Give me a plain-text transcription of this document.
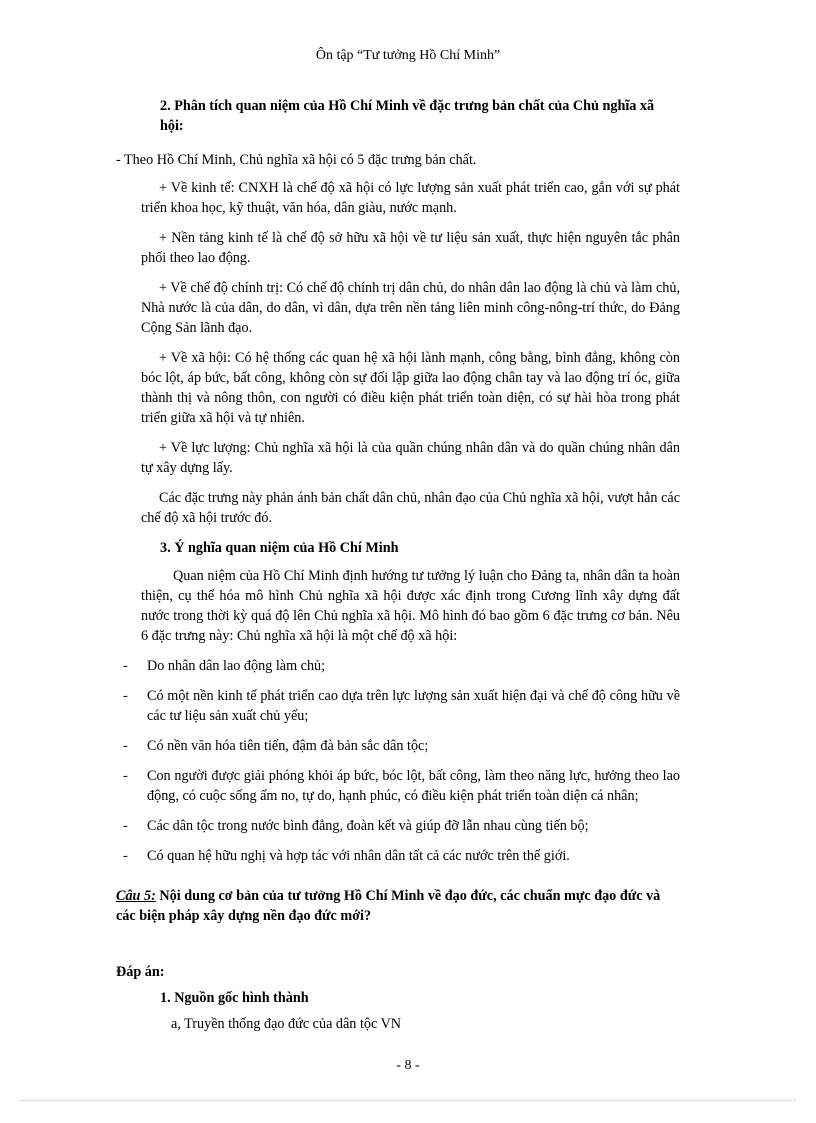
Ôn tập “Tư tưởng Hồ Chí Minh”

2. Phân tích quan niệm của Hồ Chí Minh về đặc trưng bản chất của Chủ nghĩa xã hội:

- Theo Hồ Chí Minh, Chủ nghĩa xã hội có 5 đặc trưng bản chất.

+ Về kinh tế: CNXH là chế độ xã hội có lực lượng sản xuất phát triển cao, gắn với sự phát triển khoa học, kỹ thuật, văn hóa, dân giàu, nước mạnh.

+ Nền tảng kinh tế là chế độ sở hữu xã hội về tư liệu sản xuất, thực hiện nguyên tắc phân phối theo lao động.

+ Về chế độ chính trị: Có chế độ chính trị dân chủ, do nhân dân lao động là chủ và làm chủ, Nhà nước là của dân, do dân, vì dân, dựa trên nền tảng liên minh công-nông-trí thức, do Đảng Cộng Sản lãnh đạo.

+ Về xã hội: Có hệ thống các quan hệ xã hội lành mạnh, công bằng, bình đẳng, không còn bóc lột, áp bức, bất công, không còn sự đối lập giữa lao động chân tay và lao động trí óc, giữa thành thị và nông thôn, con người có điều kiện phát triển toàn diện, có sự hài hòa trong phát triển giữa xã hội và tự nhiên.

+ Về lực lượng: Chủ nghĩa xã hội là của quần chúng nhân dân và do quần chúng nhân dân tự xây dựng lấy.

Các đặc trưng này phản ánh bản chất dân chủ, nhân đạo của Chủ nghĩa xã hội, vượt hẳn các chế độ xã hội trước đó.

3. Ý nghĩa quan niệm của Hồ Chí Minh

Quan niệm của Hồ Chí Minh định hướng tư tưởng lý luận cho Đảng ta, nhân dân ta hoàn thiện, cụ thể hóa mô hình Chủ nghĩa xã hội được xác định trong Cương lĩnh xây dựng đất nước trong thời kỳ quá độ lên Chủ nghĩa xã hội. Mô hình đó bao gồm 6 đặc trưng cơ bản. Nêu 6 đặc trưng này: Chủ nghĩa xã hội là một chế độ xã hội:

- Do nhân dân lao động làm chủ;
- Có một nền kinh tế phát triển cao dựa trên lực lượng sản xuất hiện đại và chế độ công hữu về các tư liệu sản xuất chủ yếu;
- Có nền văn hóa tiên tiến, đậm đà bản sắc dân tộc;
- Con người được giải phóng khỏi áp bức, bóc lột, bất công, làm theo năng lực, hưởng theo lao động, có cuộc sống ấm no, tự do, hạnh phúc, có điều kiện phát triển toàn diện cá nhân;
- Các dân tộc trong nước bình đẳng, đoàn kết và giúp đỡ lẫn nhau cùng tiến bộ;
- Có quan hệ hữu nghị và hợp tác với nhân dân tất cả các nước trên thế giới.

Câu 5: Nội dung cơ bản của tư tưởng Hồ Chí Minh về đạo đức, các chuẩn mực đạo đức và các biện pháp xây dựng nền đạo đức mới?

Đáp án:

1. Nguồn gốc hình thành

a, Truyền thống đạo đức của dân tộc VN

- 8 -
